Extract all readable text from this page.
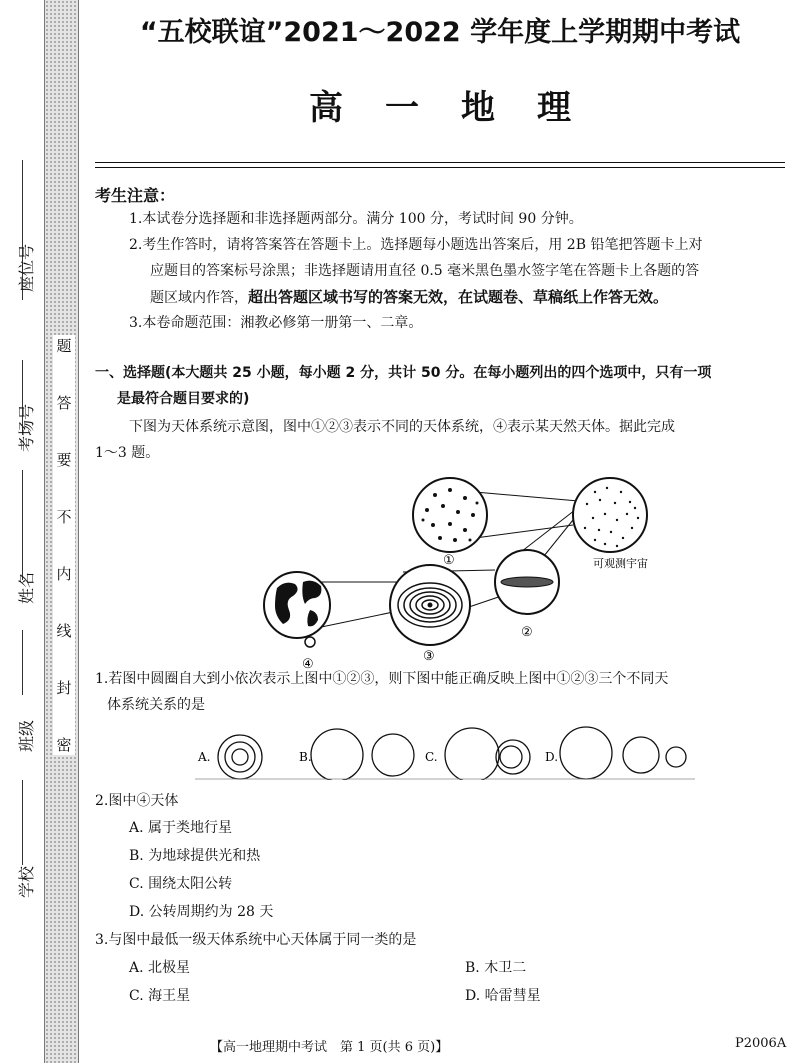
题
答
要
不
内
线
封
密
座位号
考场号
姓名
班级
学校
“五校联谊”2021～2022 学年度上学期期中考试
高一地理
考生注意：
1.本试卷分选择题和非选择题两部分。满分 100 分，考试时间 90 分钟。
2.考生作答时，请将答案答在答题卡上。选择题每小题选出答案后，用 2B 铅笔把答题卡上对
应题目的答案标号涂黑；非选择题请用直径 0.5 毫米黑色墨水签字笔在答题卡上各题的答
题区域内作答，超出答题区域书写的答案无效，在试题卷、草稿纸上作答无效。
3.本卷命题范围：湘教必修第一册第一、二章。
一、选择题(本大题共 25 小题，每小题 2 分，共计 50 分。在每小题列出的四个选项中，只有一项
是最符合题目要求的)
下图为天体系统示意图，图中①②③表示不同的天体系统，④表示某天然天体。据此完成
1～3 题。
①	可观测宇宙
②
③
④
1.若图中圆圈自大到小依次表示上图中①②③，则下图中能正确反映上图中①②③三个不同天
体系统关系的是
A.	B.	C.	D.
2.图中④天体
A. 属于类地行星
B. 为地球提供光和热
C. 围绕太阳公转
D. 公转周期约为 28 天
3.与图中最低一级天体系统中心天体属于同一类的是
A. 北极星	B. 木卫二
C. 海王星	D. 哈雷彗星
【高一地理期中考试　第 1 页(共 6 页)】	P2006A
